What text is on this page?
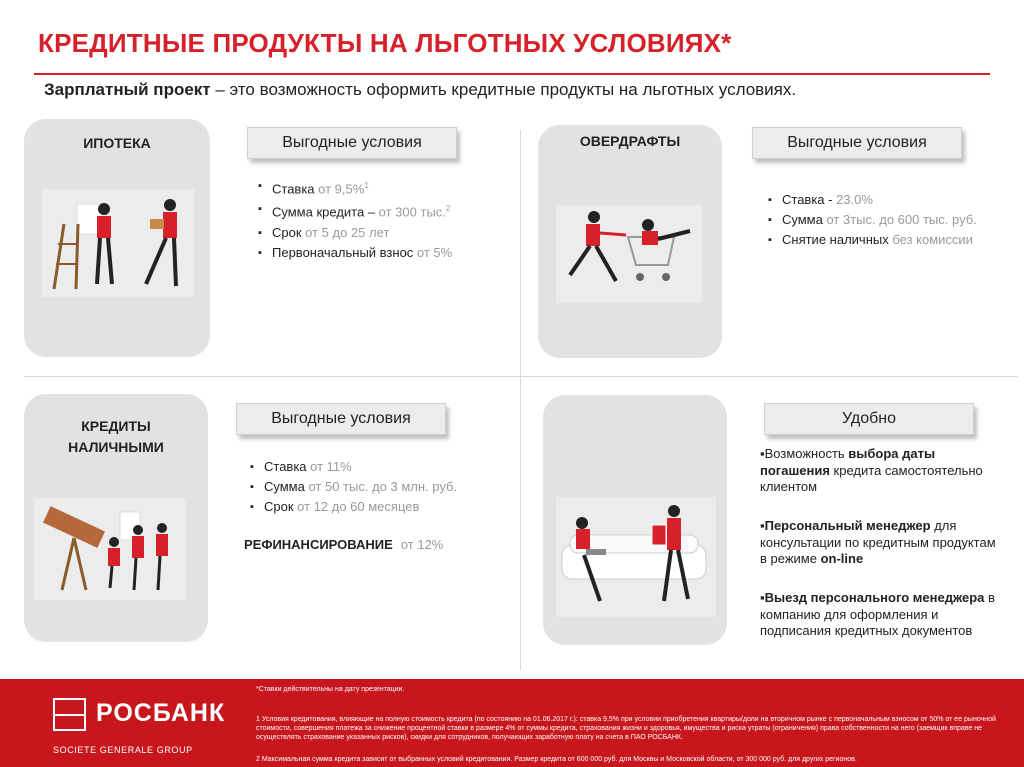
КРЕДИТНЫЕ ПРОДУКТЫ НА ЛЬГОТНЫХ УСЛОВИЯХ*
Зарплатный проект – это возможность оформить кредитные продукты на льготных условиях.
ИПОТЕКА	Выгодные условия
▪ Ставка от 9,5%$^1$
▪ Сумма кредита – от 300 тыс.$^2$
▪ Срок от 5 до 25 лет
▪ Первоначальный взнос от 5%
ОВЕРДРАФТЫ	Выгодные условия
▪ Ставка - 23.0%
▪ Сумма от 3тыс. до 600 тыс. руб.
▪ Снятие наличных без комиссии
КРЕДИТЫ
НАЛИЧНЫМИ
Выгодные условия
▪ Ставка от 11%
▪ Сумма от 50 тыс. до 3 млн. руб.
▪ Срок от 12 до 60 месяцев
РЕФИНАНСИРОВАНИЕ от 12%
Удобно
▪Возможность выбора даты погашения кредита самостоятельно клиентом
▪Персональный менеджер для консультации по кредитным продуктам в режиме on-line
▪Выезд персонального менеджера в компанию для оформления и подписания кредитных документов
РОСБАНК
SOCIETE GENERALE GROUP
*Ставки действительны на дату презентации.
1 Условия кредитования, влияющие на полную стоимость кредита (по состоянию на 01.06.2017 г.): ставка 9,5% при условии приобретения квартиры/доли на вторичном рынке с первоначальным взносом от 50% от ее рыночной стоимости, совершения платежа за снижение процентной ставки в размере 4% от суммы кредита, страхования жизни и здоровья, имущества и риска утраты (ограничения) права собственности на него (заемщик вправе не осуществлять страхование указанных рисков), скидки для сотрудников, получающих заработную плату на счета в ПАО РОСБАНК.
2 Максимальная сумма кредита зависит от выбранных условий кредитования. Размер кредита от 600 000 руб. для Москвы и Московской области, от 300 000 руб. для других регионов.
